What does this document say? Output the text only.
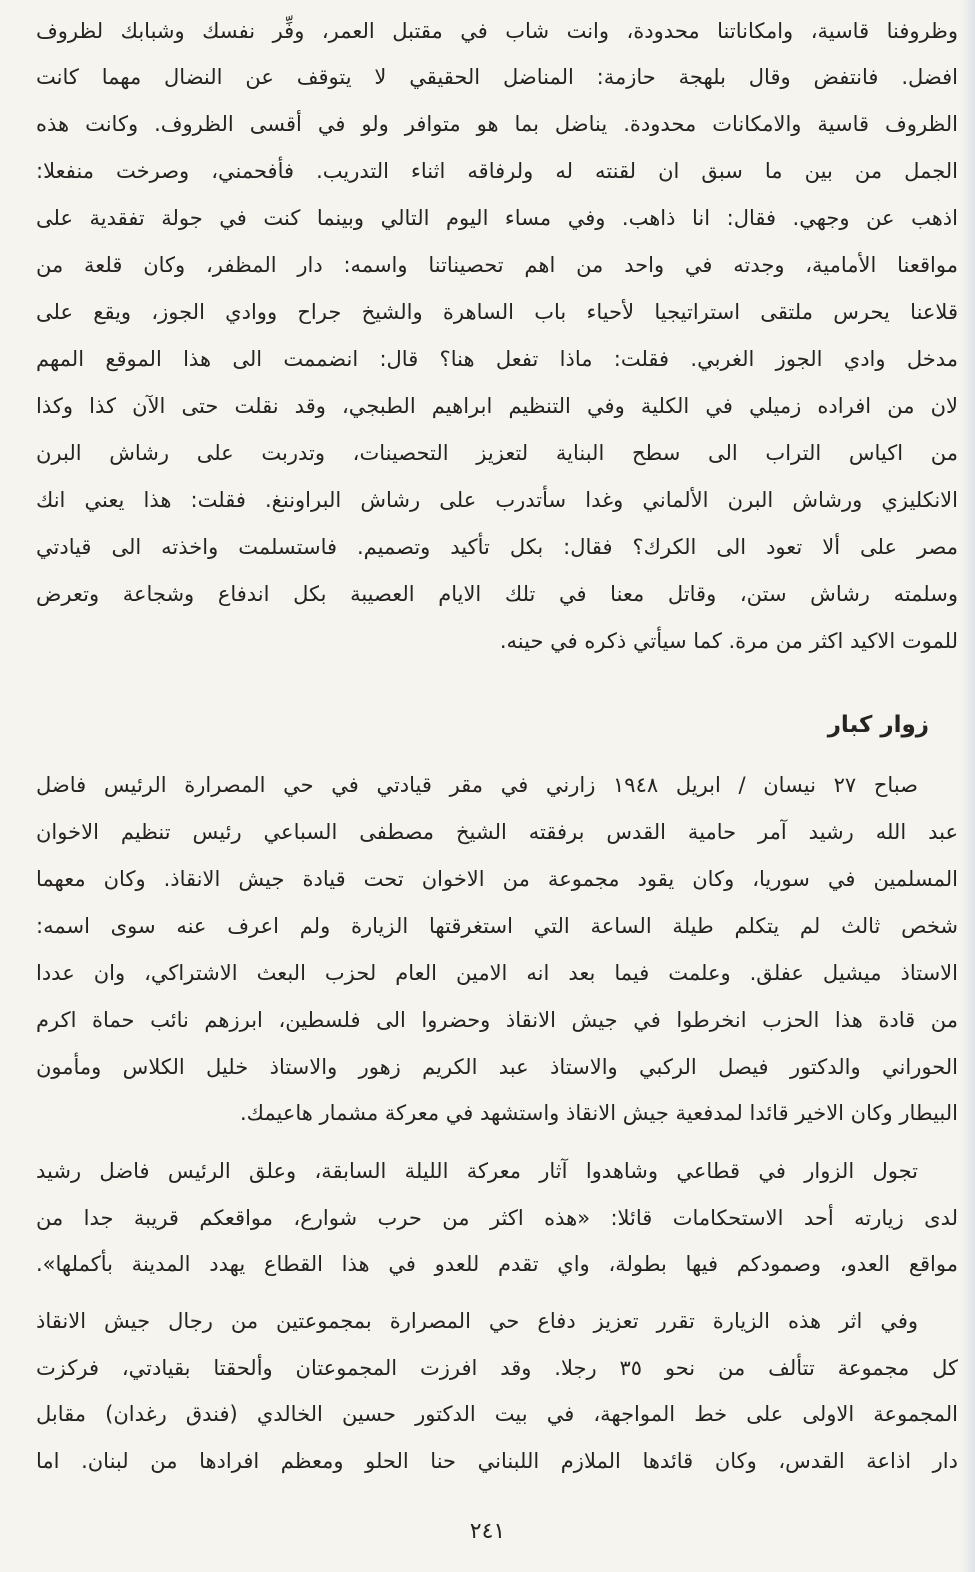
وظروفنا قاسية، وامكاناتنا محدودة، وانت شاب في مقتبل العمر، وفِّر نفسك وشبابك لظروف
افضل. فانتفض وقال بلهجة حازمة: المناضل الحقيقي لا يتوقف عن النضال مهما كانت
الظروف قاسية والامكانات محدودة. يناضل بما هو متوافر ولو في أقسى الظروف. وكانت هذه
الجمل من بين ما سبق ان لقنته له ولرفاقه اثناء التدريب. فأفحمني، وصرخت منفعلا:
اذهب عن وجهي. فقال: انا ذاهب. وفي مساء اليوم التالي وبينما كنت في جولة تفقدية على
مواقعنا الأمامية، وجدته في واحد من اهم تحصيناتنا واسمه: دار المظفر، وكان قلعة من
قلاعنا يحرس ملتقى استراتيجيا لأحياء باب الساهرة والشيخ جراح ووادي الجوز، ويقع على
مدخل وادي الجوز الغربي. فقلت: ماذا تفعل هنا؟ قال: انضممت الى هذا الموقع المهم
لان من افراده زميلي في الكلية وفي التنظيم ابراهيم الطبجي، وقد نقلت حتى الآن كذا وكذا
من اكياس التراب الى سطح البناية لتعزيز التحصينات، وتدربت على رشاش البرن
الانكليزي ورشاش البرن الألماني وغدا سأتدرب على رشاش البراوننغ. فقلت: هذا يعني انك
مصر على ألا تعود الى الكرك؟ فقال: بكل تأكيد وتصميم. فاستسلمت واخذته الى قيادتي
وسلمته رشاش ستن، وقاتل معنا في تلك الايام العصيبة بكل اندفاع وشجاعة وتعرض
للموت الاكيد اكثر من مرة. كما سيأتي ذكره في حينه.
زوار كبار
صباح ٢٧ نيسان / ابريل ١٩٤٨ زارني في مقر قيادتي في حي المصرارة الرئيس فاضل
عبد الله رشيد آمر حامية القدس برفقته الشيخ مصطفى السباعي رئيس تنظيم الاخوان
المسلمين في سوريا، وكان يقود مجموعة من الاخوان تحت قيادة جيش الانقاذ. وكان معهما
شخص ثالث لم يتكلم طيلة الساعة التي استغرقتها الزيارة ولم اعرف عنه سوى اسمه:
الاستاذ ميشيل عفلق. وعلمت فيما بعد انه الامين العام لحزب البعث الاشتراكي، وان عددا
من قادة هذا الحزب انخرطوا في جيش الانقاذ وحضروا الى فلسطين، ابرزهم نائب حماة اكرم
الحوراني والدكتور فيصل الركبي والاستاذ عبد الكريم زهور والاستاذ خليل الكلاس ومأمون
البيطار وكان الاخير قائدا لمدفعية جيش الانقاذ واستشهد في معركة مشمار هاعيمك.
تجول الزوار في قطاعي وشاهدوا آثار معركة الليلة السابقة، وعلق الرئيس فاضل رشيد
لدى زيارته أحد الاستحكامات قائلا: «هذه اكثر من حرب شوارع، مواقعكم قريبة جدا من
مواقع العدو، وصمودكم فيها بطولة، واي تقدم للعدو في هذا القطاع يهدد المدينة بأكملها».
وفي اثر هذه الزيارة تقرر تعزيز دفاع حي المصرارة بمجموعتين من رجال جيش الانقاذ
كل مجموعة تتألف من نحو ٣٥ رجلا. وقد افرزت المجموعتان وألحقتا بقيادتي، فركزت
المجموعة الاولى على خط المواجهة، في بيت الدكتور حسين الخالدي (فندق رغدان) مقابل
دار اذاعة القدس، وكان قائدها الملازم اللبناني حنا الحلو ومعظم افرادها من لبنان. اما
٢٤١
